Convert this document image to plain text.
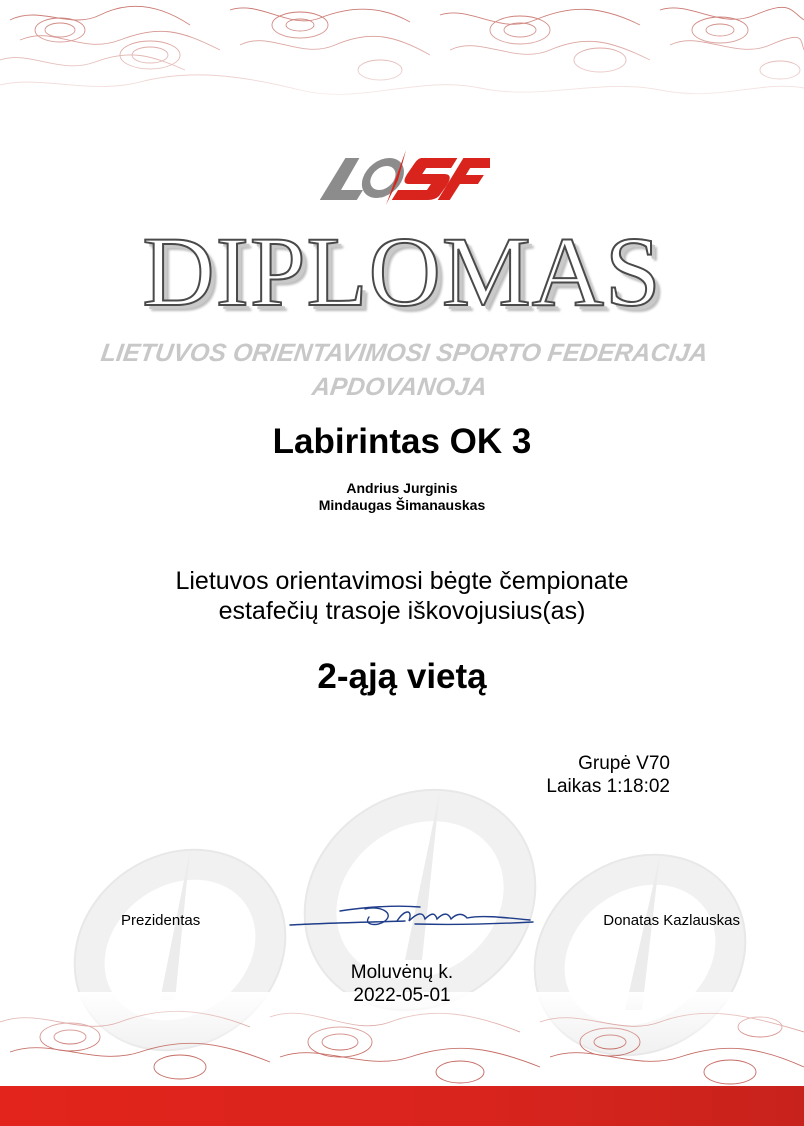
DIPLOMAS
LIETUVOS ORIENTAVIMOSI SPORTO FEDERACIJA
APDOVANOJA
Labirintas OK 3
Andrius Jurginis
Mindaugas Šimanauskas
Lietuvos orientavimosi bėgte čempionate
estafečių trasoje iškovojusius(as)
2-ąją vietą
Grupė V70
Laikas 1:18:02
Prezidentas	Donatas Kazlauskas
Moluvėnų k.
2022-05-01
